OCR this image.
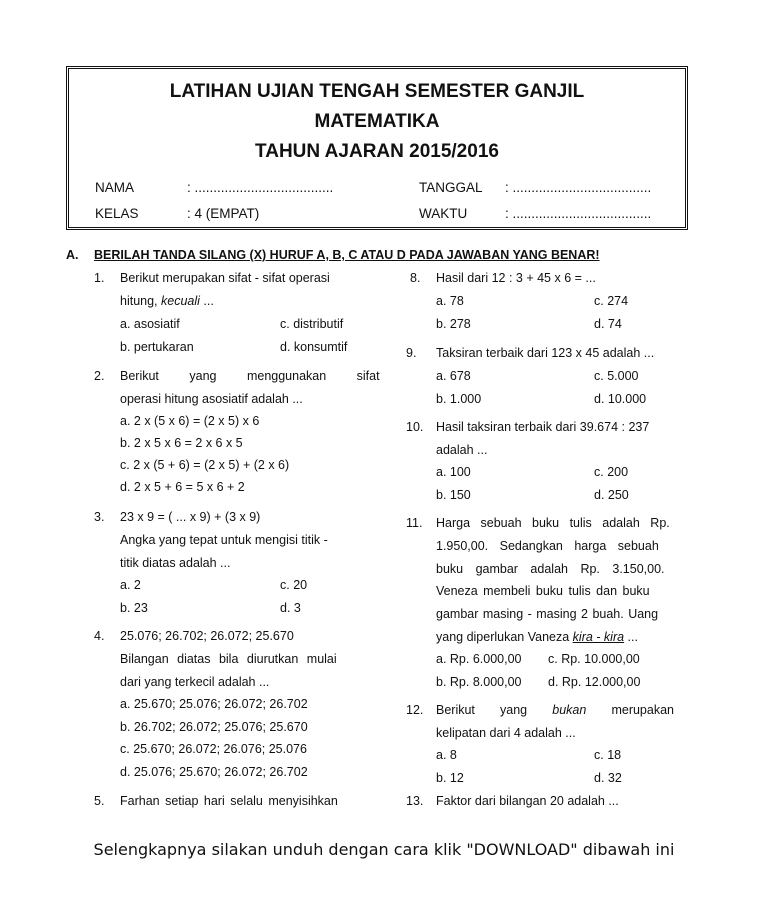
LATIHAN UJIAN TENGAH SEMESTER GANJIL
MATEMATIKA
TAHUN AJARAN 2015/2016
NAMA	: .....................................
KELAS	: 4 (EMPAT)
TANGGAL : .....................................
WAKTU	: .....................................
A. BERILAH TANDA SILANG (X) HURUF A, B, C ATAU D PADA JAWABAN YANG BENAR!
1. Berikut merupakan sifat - sifat operasi
hitung, kecuali ...
a. asosiatif	c. distributif
b. pertukaran	d. konsumtif
2. Berikut yang menggunakan sifat
operasi hitung asosiatif adalah ...
a. 2 x (5 x 6) = (2 x 5) x 6
b. 2 x 5 x 6 = 2 x 6 x 5
c. 2 x (5 + 6) = (2 x 5) + (2 x 6)
d. 2 x 5 + 6 = 5 x 6 + 2
3. 23 x 9 = ( ... x 9) + (3 x 9)
Angka yang tepat untuk mengisi titik -
titik diatas adalah ...
a. 2	c. 20
b. 23	d. 3
4. 25.076; 26.702; 26.072; 25.670
Bilangan diatas bila diurutkan mulai
dari yang terkecil adalah ...
a. 25.670; 25.076; 26.072; 26.702
b. 26.702; 26.072; 25.076; 25.670
c. 25.670; 26.072; 26.076; 25.076
d. 25.076; 25.670; 26.072; 26.702
5. Farhan setiap hari selalu menyisihkan
8. Hasil dari 12 : 3 + 45 x 6 = ...
a. 78	c. 274
b. 278	d. 74
9. Taksiran terbaik dari 123 x 45 adalah ...
a. 678	c. 5.000
b. 1.000	d. 10.000
10. Hasil taksiran terbaik dari 39.674 : 237
adalah ...
a. 100	c. 200
b. 150	d. 250
11. Harga sebuah buku tulis adalah Rp.
1.950,00. Sedangkan harga sebuah
buku gambar adalah Rp. 3.150,00.
Veneza membeli buku tulis dan buku
gambar masing - masing 2 buah. Uang
yang diperlukan Vaneza kira - kira ...
a. Rp. 6.000,00 c. Rp. 10.000,00
b. Rp. 8.000,00 d. Rp. 12.000,00
12. Berikut yang bukan merupakan
kelipatan dari 4 adalah ...
a. 8	c. 18
b. 12	d. 32
13. Faktor dari bilangan 20 adalah ...
Selengkapnya silakan unduh dengan cara klik "DOWNLOAD" dibawah ini
